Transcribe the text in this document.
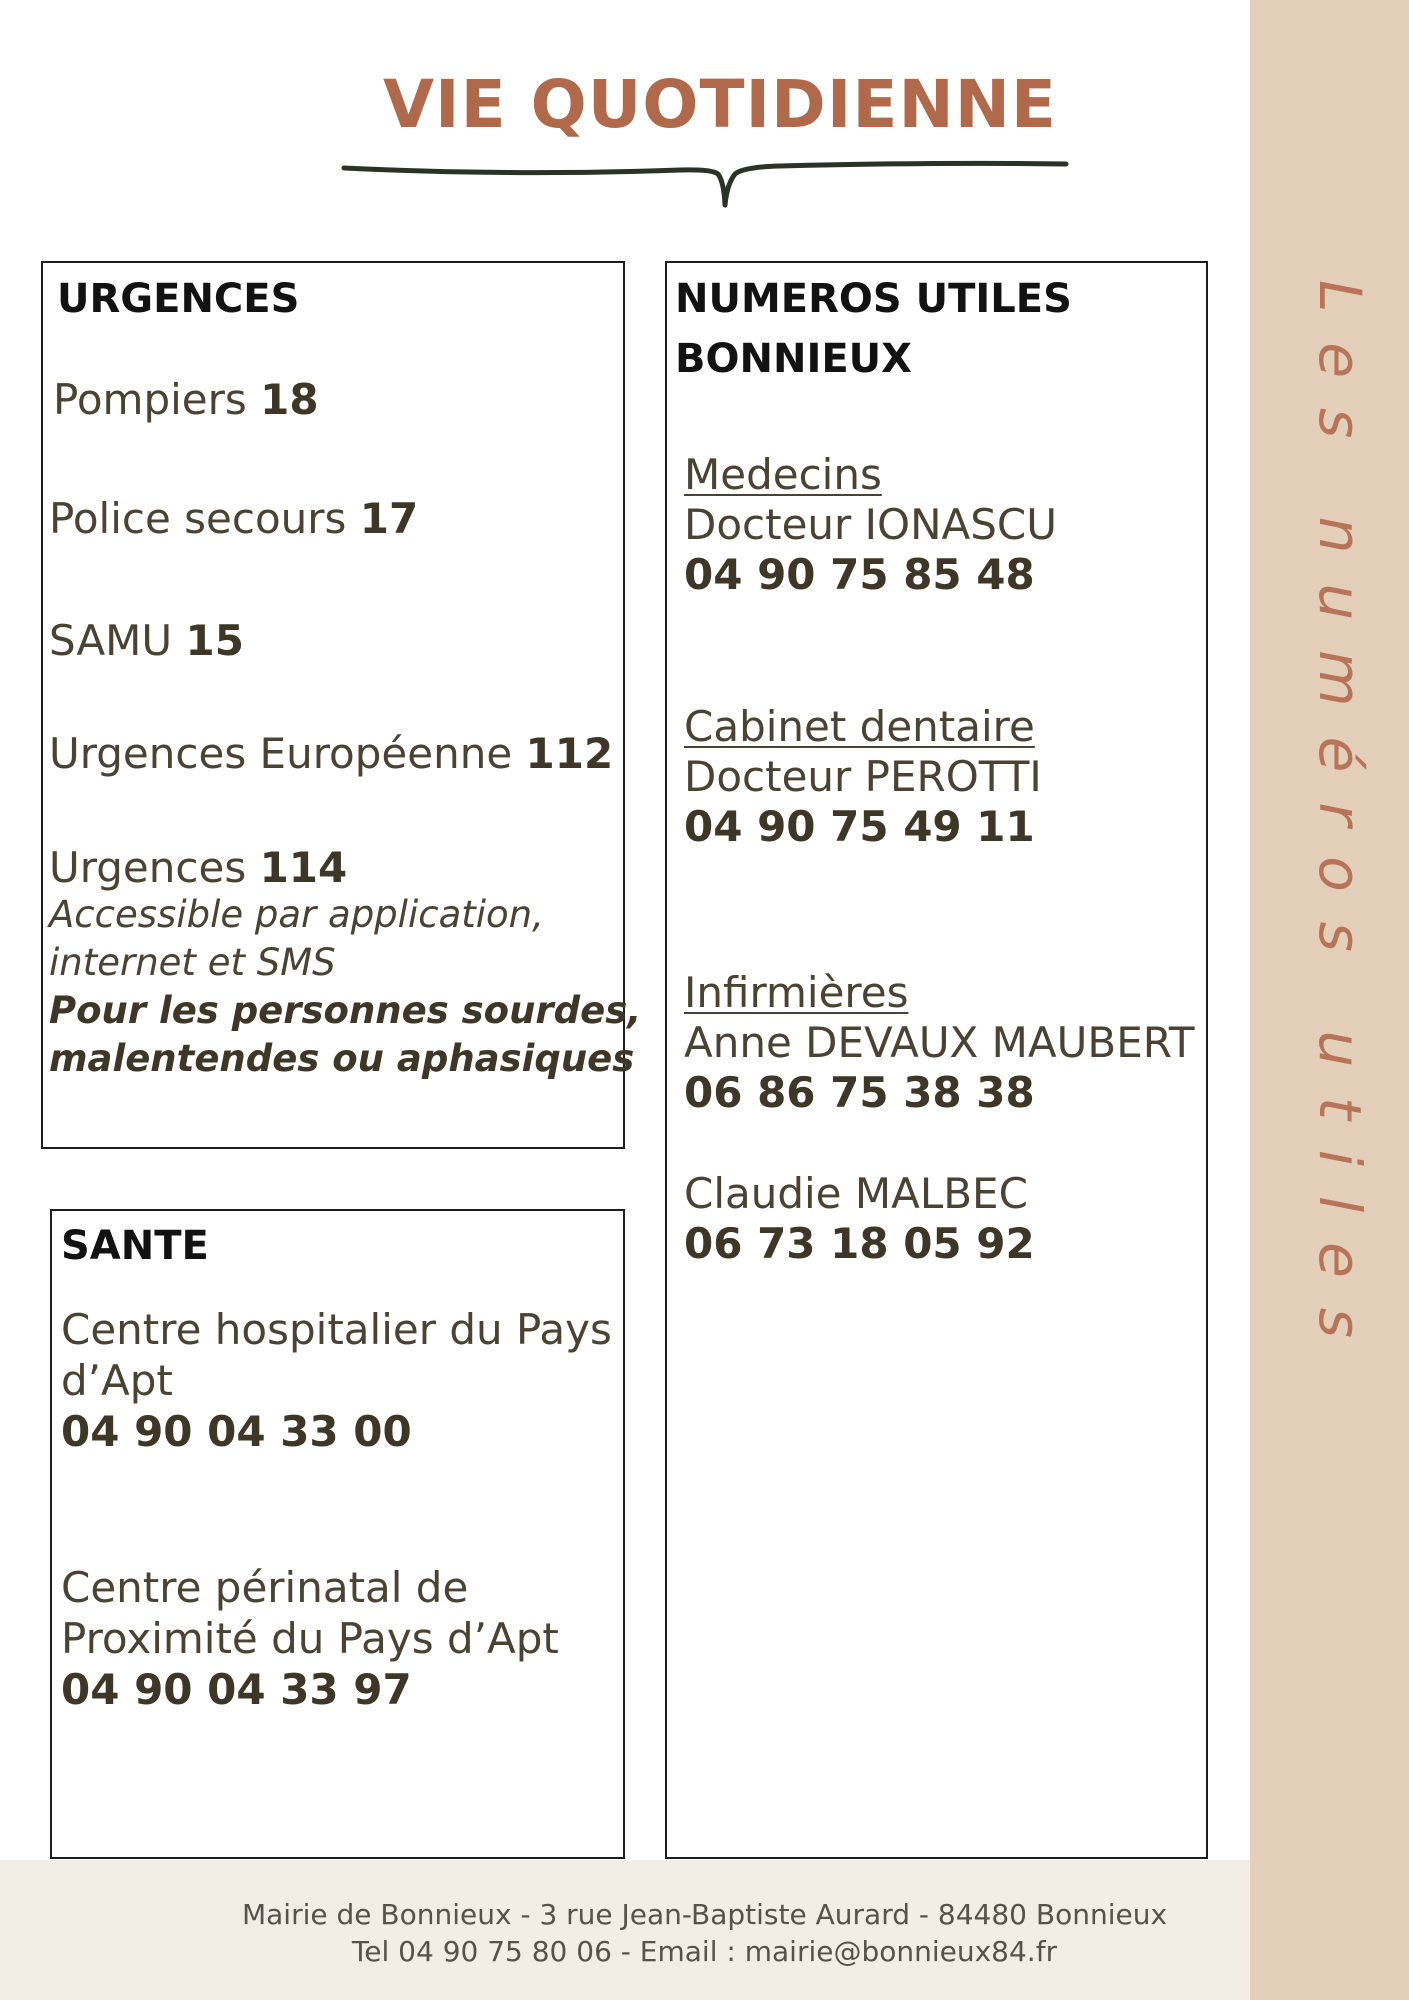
Les numéros utiles
VIE QUOTIDIENNE
URGENCES
Pompiers 18
Police secours 17
SAMU 15
Urgences Européenne 112
Urgences 114
Accessible par application,
internet et SMS
Pour les personnes sourdes,
malentendes ou aphasiques
NUMEROS UTILES
BONNIEUX
Medecins
Docteur IONASCU
04 90 75 85 48
Cabinet dentaire
Docteur PEROTTI
04 90 75 49 11
Infirmières
Anne DEVAUX MAUBERT
06 86 75 38 38
Claudie MALBEC
06 73 18 05 92
SANTE
Centre hospitalier du Pays
d’Apt
04 90 04 33 00
Centre périnatal de
Proximité du Pays d’Apt
04 90 04 33 97
Mairie de Bonnieux - 3 rue Jean-Baptiste Aurard - 84480 Bonnieux
Tel 04 90 75 80 06 - Email : mairie@bonnieux84.fr
